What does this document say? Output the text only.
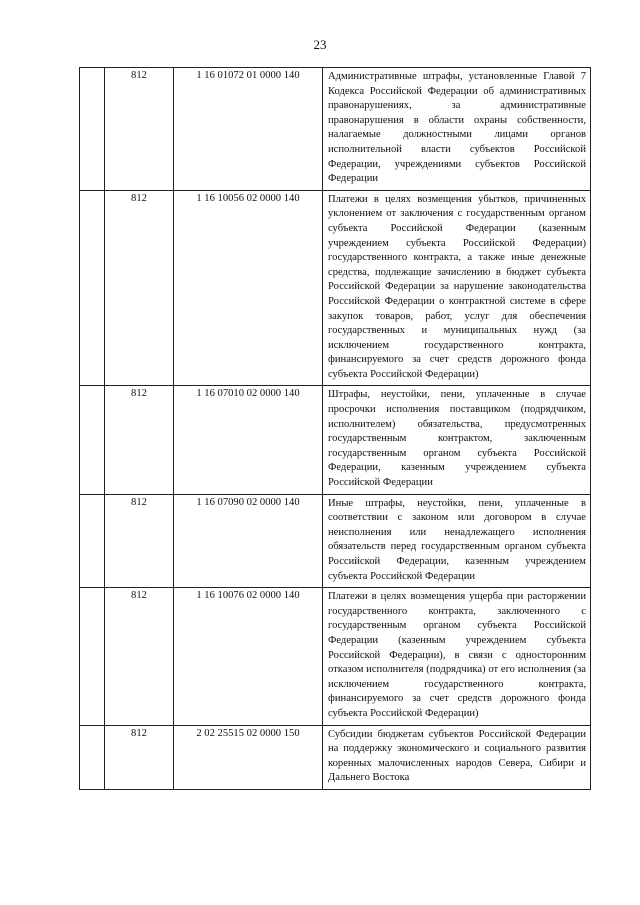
23
	812	1 16 01072 01 0000 140	Административные штрафы, установленные Главой 7 Кодекса Российской Федерации об административных правонарушениях, за административные правонарушения в области охраны собственности, налагаемые должностными лицами органов исполнительной власти субъектов Российской Федерации, учреждениями субъектов Российской Федерации
	812	1 16 10056 02 0000 140	Платежи в целях возмещения убытков, причиненных уклонением от заключения с государственным органом субъекта Российской Федерации (казенным учреждением субъекта Российской Федерации) государственного контракта, а также иные денежные средства, подлежащие зачислению в бюджет субъекта Российской Федерации за нарушение законодательства Российской Федерации о контрактной системе в сфере закупок товаров, работ, услуг для обеспечения государственных и муниципальных нужд (за исключением государственного контракта, финансируемого за счет средств дорожного фонда субъекта Российской Федерации)
	812	1 16 07010 02 0000 140	Штрафы, неустойки, пени, уплаченные в случае просрочки исполнения поставщиком (подрядчиком, исполнителем) обязательства, предусмотренных государственным контрактом, заключенным государственным органом субъекта Российской Федерации, казенным учреждением субъекта Российской Федерации
	812	1 16 07090 02 0000 140	Иные штрафы, неустойки, пени, уплаченные в соответствии с законом или договором в случае неисполнения или ненадлежащего исполнения обязательств перед государственным органом субъекта Российской Федерации, казенным учреждением субъекта Российской Федерации
	812	1 16 10076 02 0000 140	Платежи в целях возмещения ущерба при расторжении государственного контракта, заключенного с государственным органом субъекта Российской Федерации (казенным учреждением субъекта Российской Федерации), в связи с односторонним отказом исполнителя (подрядчика) от его исполнения (за исключением государственного контракта, финансируемого за счет средств дорожного фонда субъекта Российской Федерации)
	812	2 02 25515 02 0000 150	Субсидии бюджетам субъектов Российской Федерации на поддержку экономического и социального развития коренных малочисленных народов Севера, Сибири и Дальнего Востока
